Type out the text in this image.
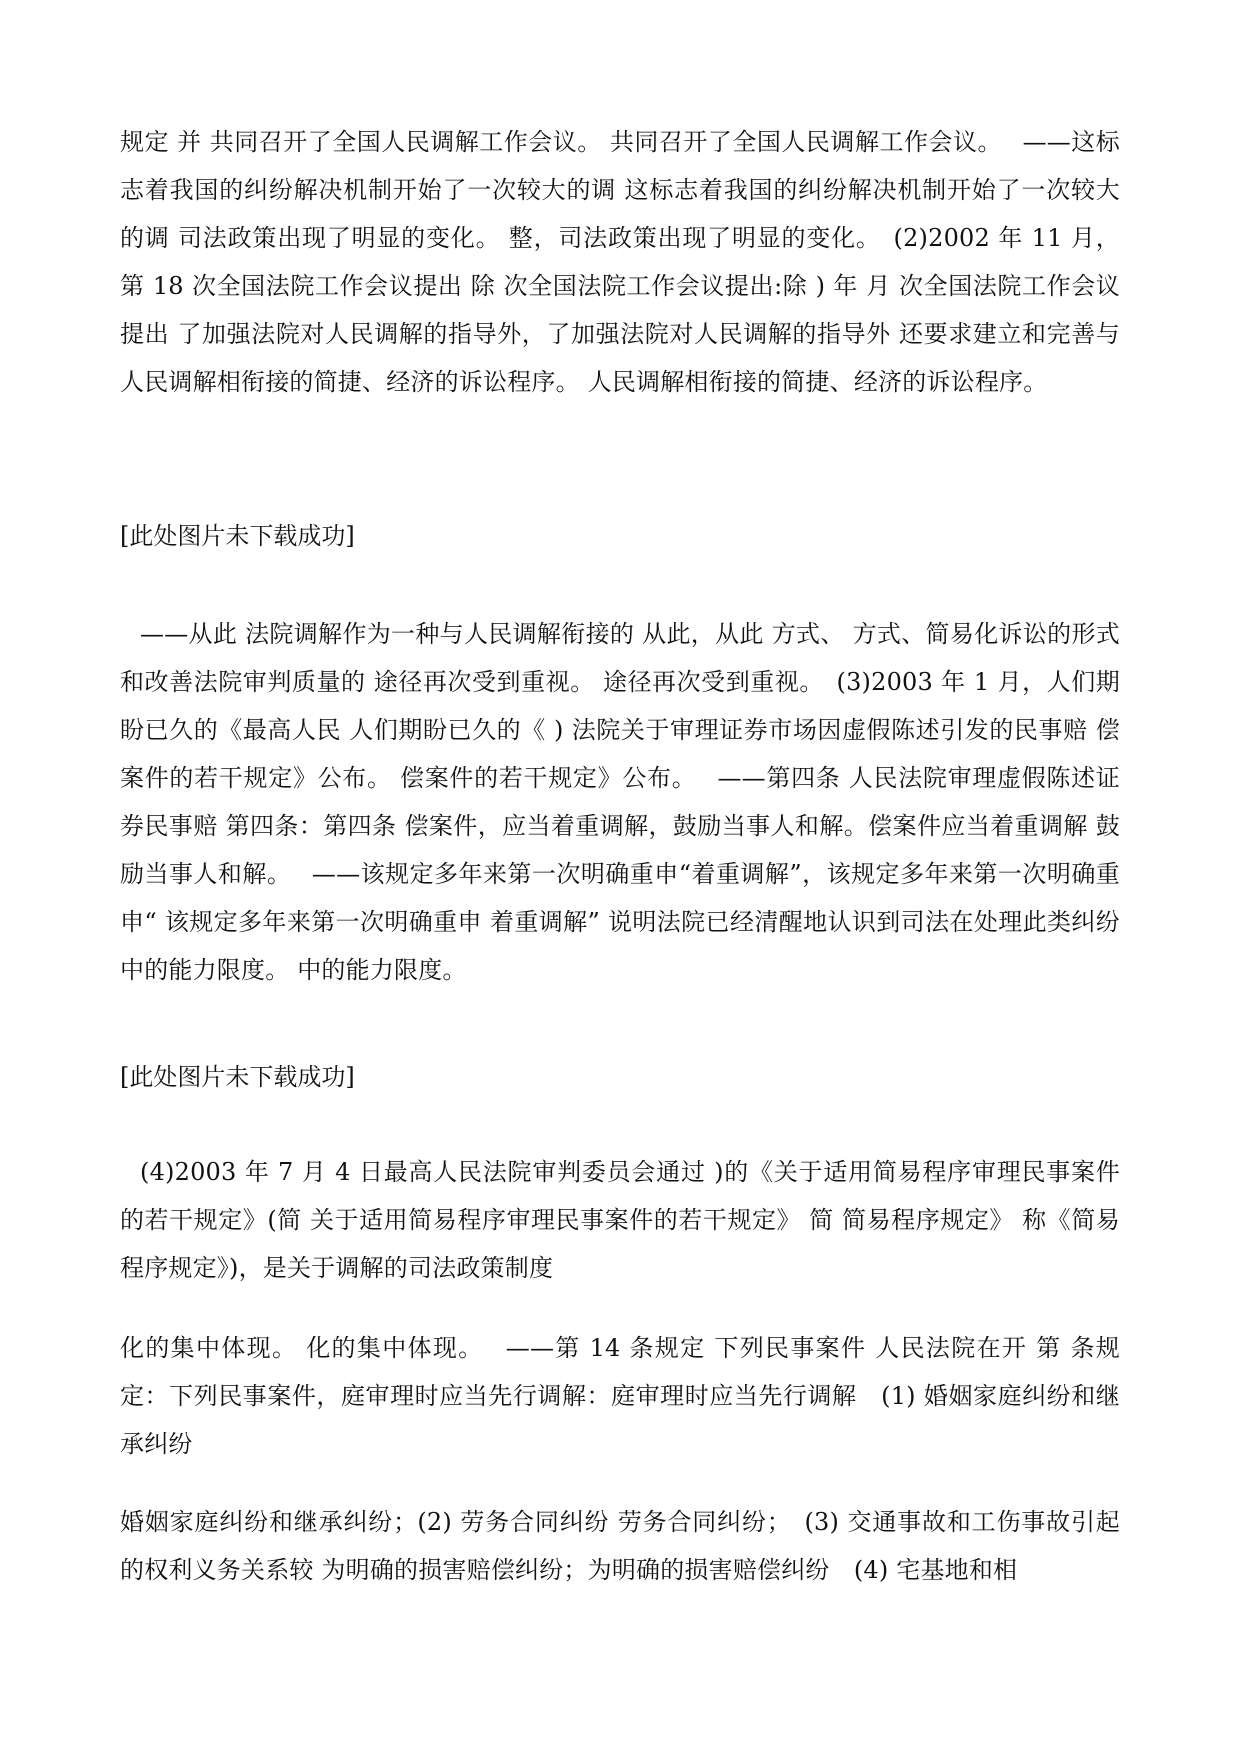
规定 并 共同召开了全国人民调解工作会议。 共同召开了全国人民调解工作会议。　 ——这标志着我国的纠纷解决机制开始了一次较大的调 这标志着我国的纠纷解决机制开始了一次较大的调 司法政策出现了明显的变化。 整，司法政策出现了明显的变化。　(2)2002 年 11 月，第 18 次全国法院工作会议提出 除 次全国法院工作会议提出:除 ) 年 月 次全国法院工作会议提出 了加强法院对人民调解的指导外，了加强法院对人民调解的指导外 还要求建立和完善与 人民调解相衔接的简捷、经济的诉讼程序。 人民调解相衔接的简捷、经济的诉讼程序。

[此处图片未下载成功]

——从此 法院调解作为一种与人民调解衔接的 从此，从此 方式、 方式、简易化诉讼的形式和改善法院审判质量的 途径再次受到重视。 途径再次受到重视。　(3)2003 年 1 月，人们期盼已久的《最高人民 人们期盼已久的《 ) 法院关于审理证券市场因虚假陈述引发的民事赔 偿案件的若干规定》公布。 偿案件的若干规定》公布。　 ——第四条 人民法院审理虚假陈述证券民事赔 第四条：第四条 偿案件，应当着重调解，鼓励当事人和解。偿案件应当着重调解 鼓励当事人和解。　 ——该规定多年来第一次明确重申“着重调解”，该规定多年来第一次明确重申“ 该规定多年来第一次明确重申 着重调解” 说明法院已经清醒地认识到司法在处理此类纠纷 中的能力限度。 中的能力限度。

[此处图片未下载成功]

(4)2003 年 7 月 4 日最高人民法院审判委员会通过 )的《关于适用简易程序审理民事案件的若干规定》(简 关于适用简易程序审理民事案件的若干规定》 简 简易程序规定》 称《简易程序规定》)，是关于调解的司法政策制度

化的集中体现。 化的集中体现。　 ——第 14 条规定 下列民事案件 人民法院在开 第 条规定：下列民事案件，庭审理时应当先行调解：庭审理时应当先行调解　(1) 婚姻家庭纠纷和继承纠纷

婚姻家庭纠纷和继承纠纷；(2) 劳务合同纠纷 劳务合同纠纷；　(3) 交通事故和工伤事故引起的权利义务关系较 为明确的损害赔偿纠纷；为明确的损害赔偿纠纷　(4) 宅基地和相
